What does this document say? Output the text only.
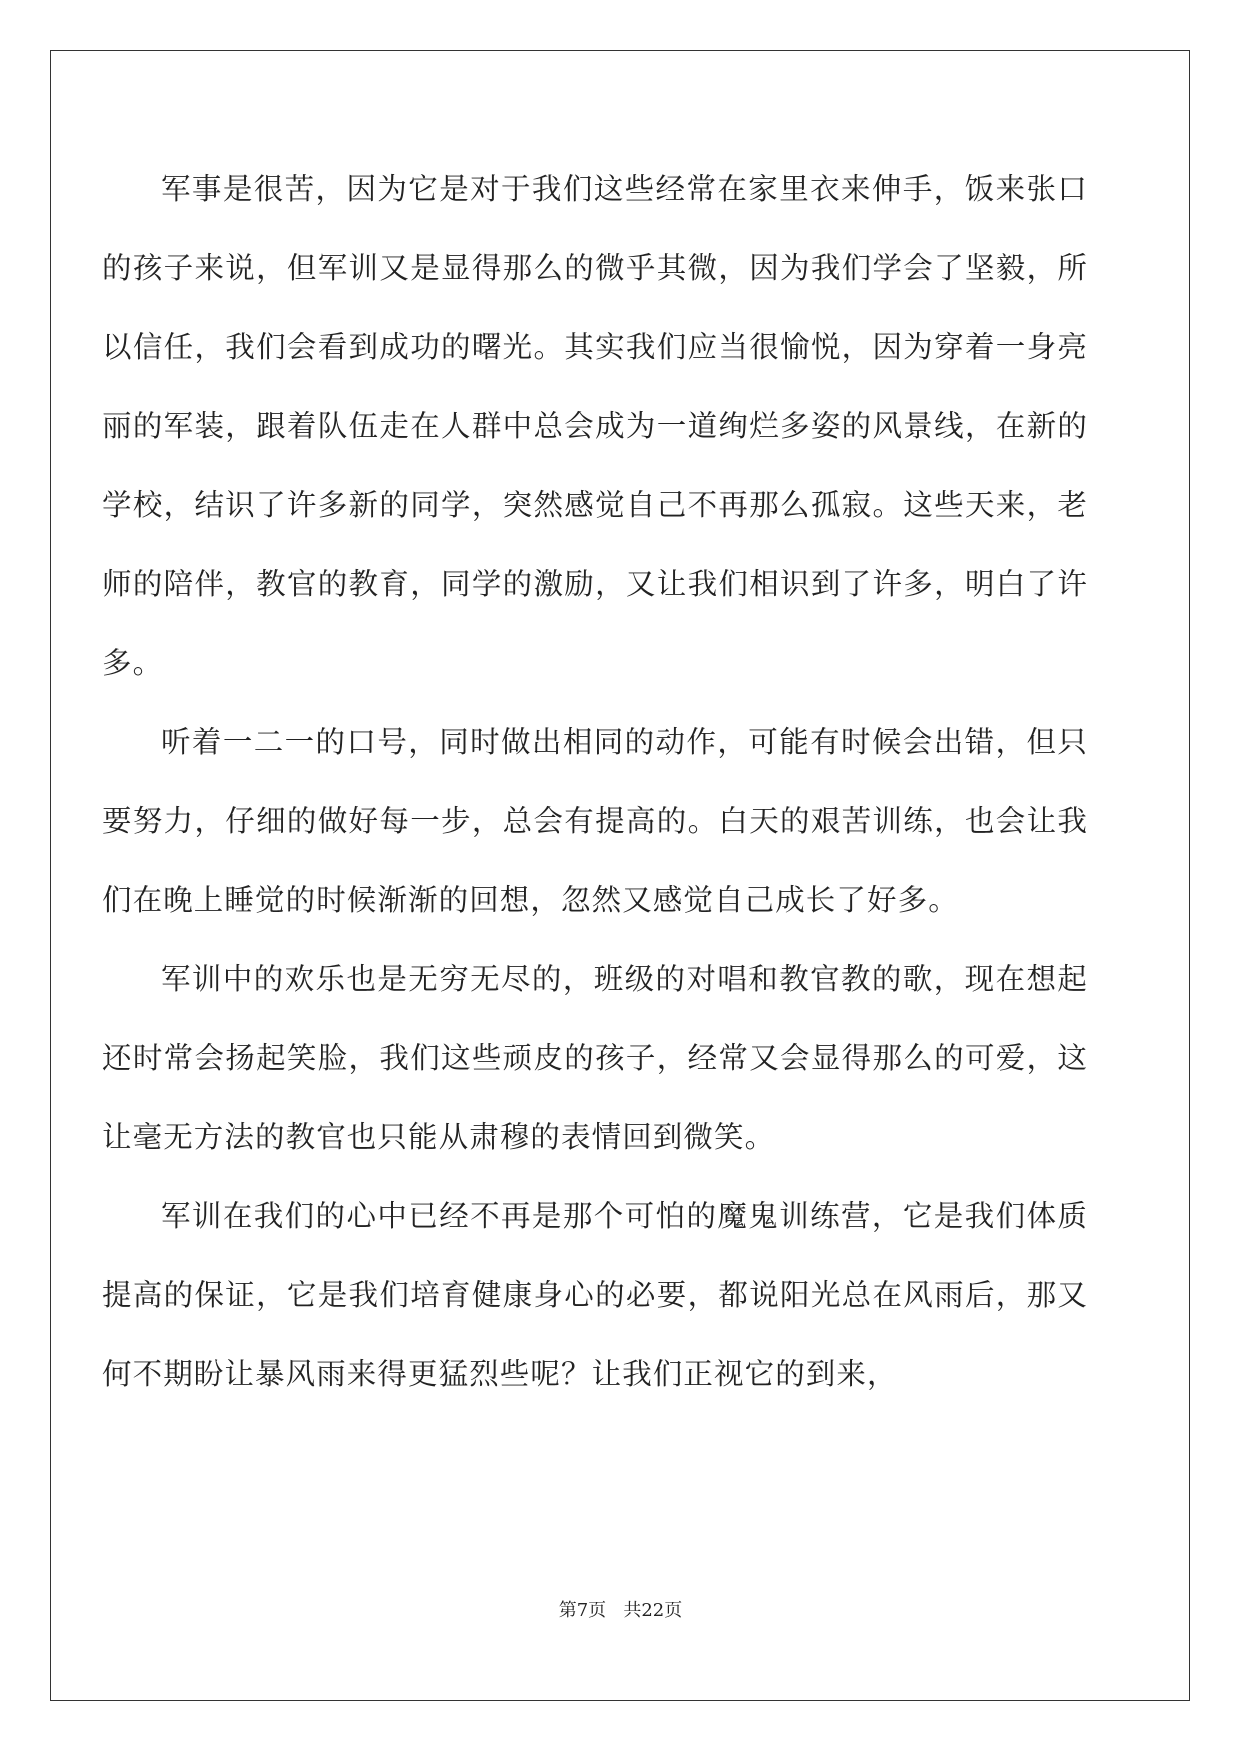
军事是很苦，因为它是对于我们这些经常在家里衣来伸手，饭来张口的孩子来说，但军训又是显得那么的微乎其微，因为我们学会了坚毅，所以信任，我们会看到成功的曙光。其实我们应当很愉悦，因为穿着一身亮丽的军装，跟着队伍走在人群中总会成为一道绚烂多姿的风景线，在新的学校，结识了许多新的同学，突然感觉自己不再那么孤寂。这些天来，老师的陪伴，教官的教育，同学的激励，又让我们相识到了许多，明白了许多。

听着一二一的口号，同时做出相同的动作，可能有时候会出错，但只要努力，仔细的做好每一步，总会有提高的。白天的艰苦训练，也会让我们在晚上睡觉的时候渐渐的回想，忽然又感觉自己成长了好多。

军训中的欢乐也是无穷无尽的，班级的对唱和教官教的歌，现在想起还时常会扬起笑脸，我们这些顽皮的孩子，经常又会显得那么的可爱，这让毫无方法的教官也只能从肃穆的表情回到微笑。

军训在我们的心中已经不再是那个可怕的魔鬼训练营，它是我们体质提高的保证，它是我们培育健康身心的必要，都说阳光总在风雨后，那又何不期盼让暴风雨来得更猛烈些呢？让我们正视它的到来，

第7页 共22页
